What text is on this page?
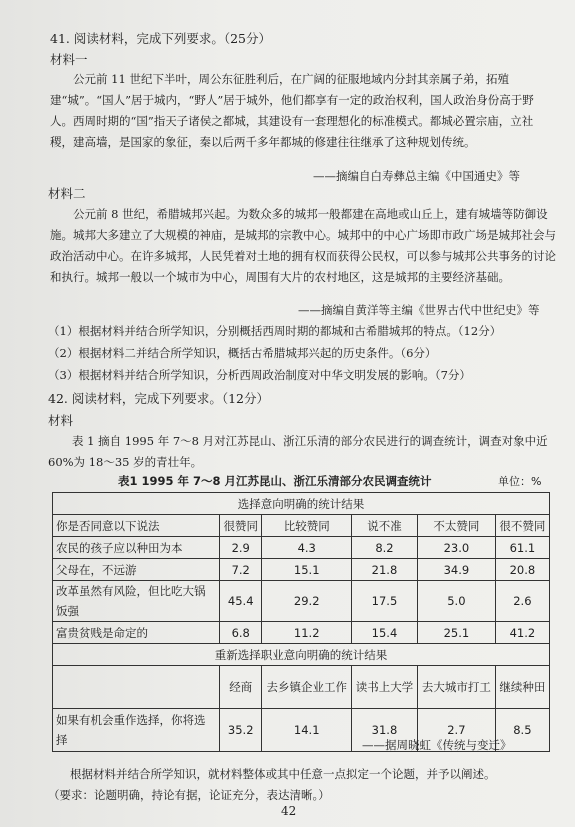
41. 阅读材料，完成下列要求。（25分）
材料一
公元前 11 世纪下半叶，周公东征胜利后，在广阔的征服地域内分封其亲属子弟，拓殖建“城”。“国人”居于城内，“野人”居于城外，他们都享有一定的政治权利，国人政治身份高于野人。西周时期的“国”指天子诸侯之都城，其建设有一套理想化的标准模式。都城必置宗庙，立社稷，建高墙，是国家的象征，秦以后两千多年都城的修建往往继承了这种规划传统。
——摘编自白寿彝总主编《中国通史》等
材料二
公元前 8 世纪，希腊城邦兴起。为数众多的城邦一般都建在高地或山丘上，建有城墙等防御设施。城邦大多建立了大规模的神庙，是城邦的宗教中心。城邦中的中心广场即市政广场是城邦社会与政治活动中心。在许多城邦，人民凭着对土地的拥有权而获得公民权，可以参与城邦公共事务的讨论和执行。城邦一般以一个城市为中心，周围有大片的农村地区，这是城邦的主要经济基础。
——摘编自黄洋等主编《世界古代中世纪史》等
（1）根据材料并结合所学知识，分别概括西周时期的都城和古希腊城邦的特点。（12分）
（2）根据材料二并结合所学知识，概括古希腊城邦兴起的历史条件。（6分）
（3）根据材料并结合所学知识，分析西周政治制度对中华文明发展的影响。（7分）
42. 阅读材料，完成下列要求。（12分）
材料
表 1 摘自 1995 年 7～8 月对江苏昆山、浙江乐清的部分农民进行的调查统计，调查对象中近 60%为 18～35 岁的青壮年。
表1 1995 年 7～8 月江苏昆山、浙江乐清部分农民调查统计	单位：%
选择意向明确的统计结果					
你是否同意以下说法	很赞同	比较赞同	说不准	不太赞同	很不赞同
农民的孩子应以种田为本	2.9	4.3	8.2	23.0	61.1
父母在，不远游	7.2	15.1	21.8	34.9	20.8
改革虽然有风险，但比吃大锅饭强	45.4	29.2	17.5	5.0	2.6
富贵贫贱是命定的	6.8	11.2	15.4	25.1	41.2
重新选择职业意向明确的统计结果					
	经商	去乡镇企业工作	读书上大学	去大城市打工	继续种田
如果有机会重作选择，你将选择	35.2	14.1	31.8	2.7	8.5
——据周晓虹《传统与变迁》
根据材料并结合所学知识，就材料整体或其中任意一点拟定一个论题，并予以阐述。
（要求：论题明确，持论有据，论证充分，表达清晰。）
42
